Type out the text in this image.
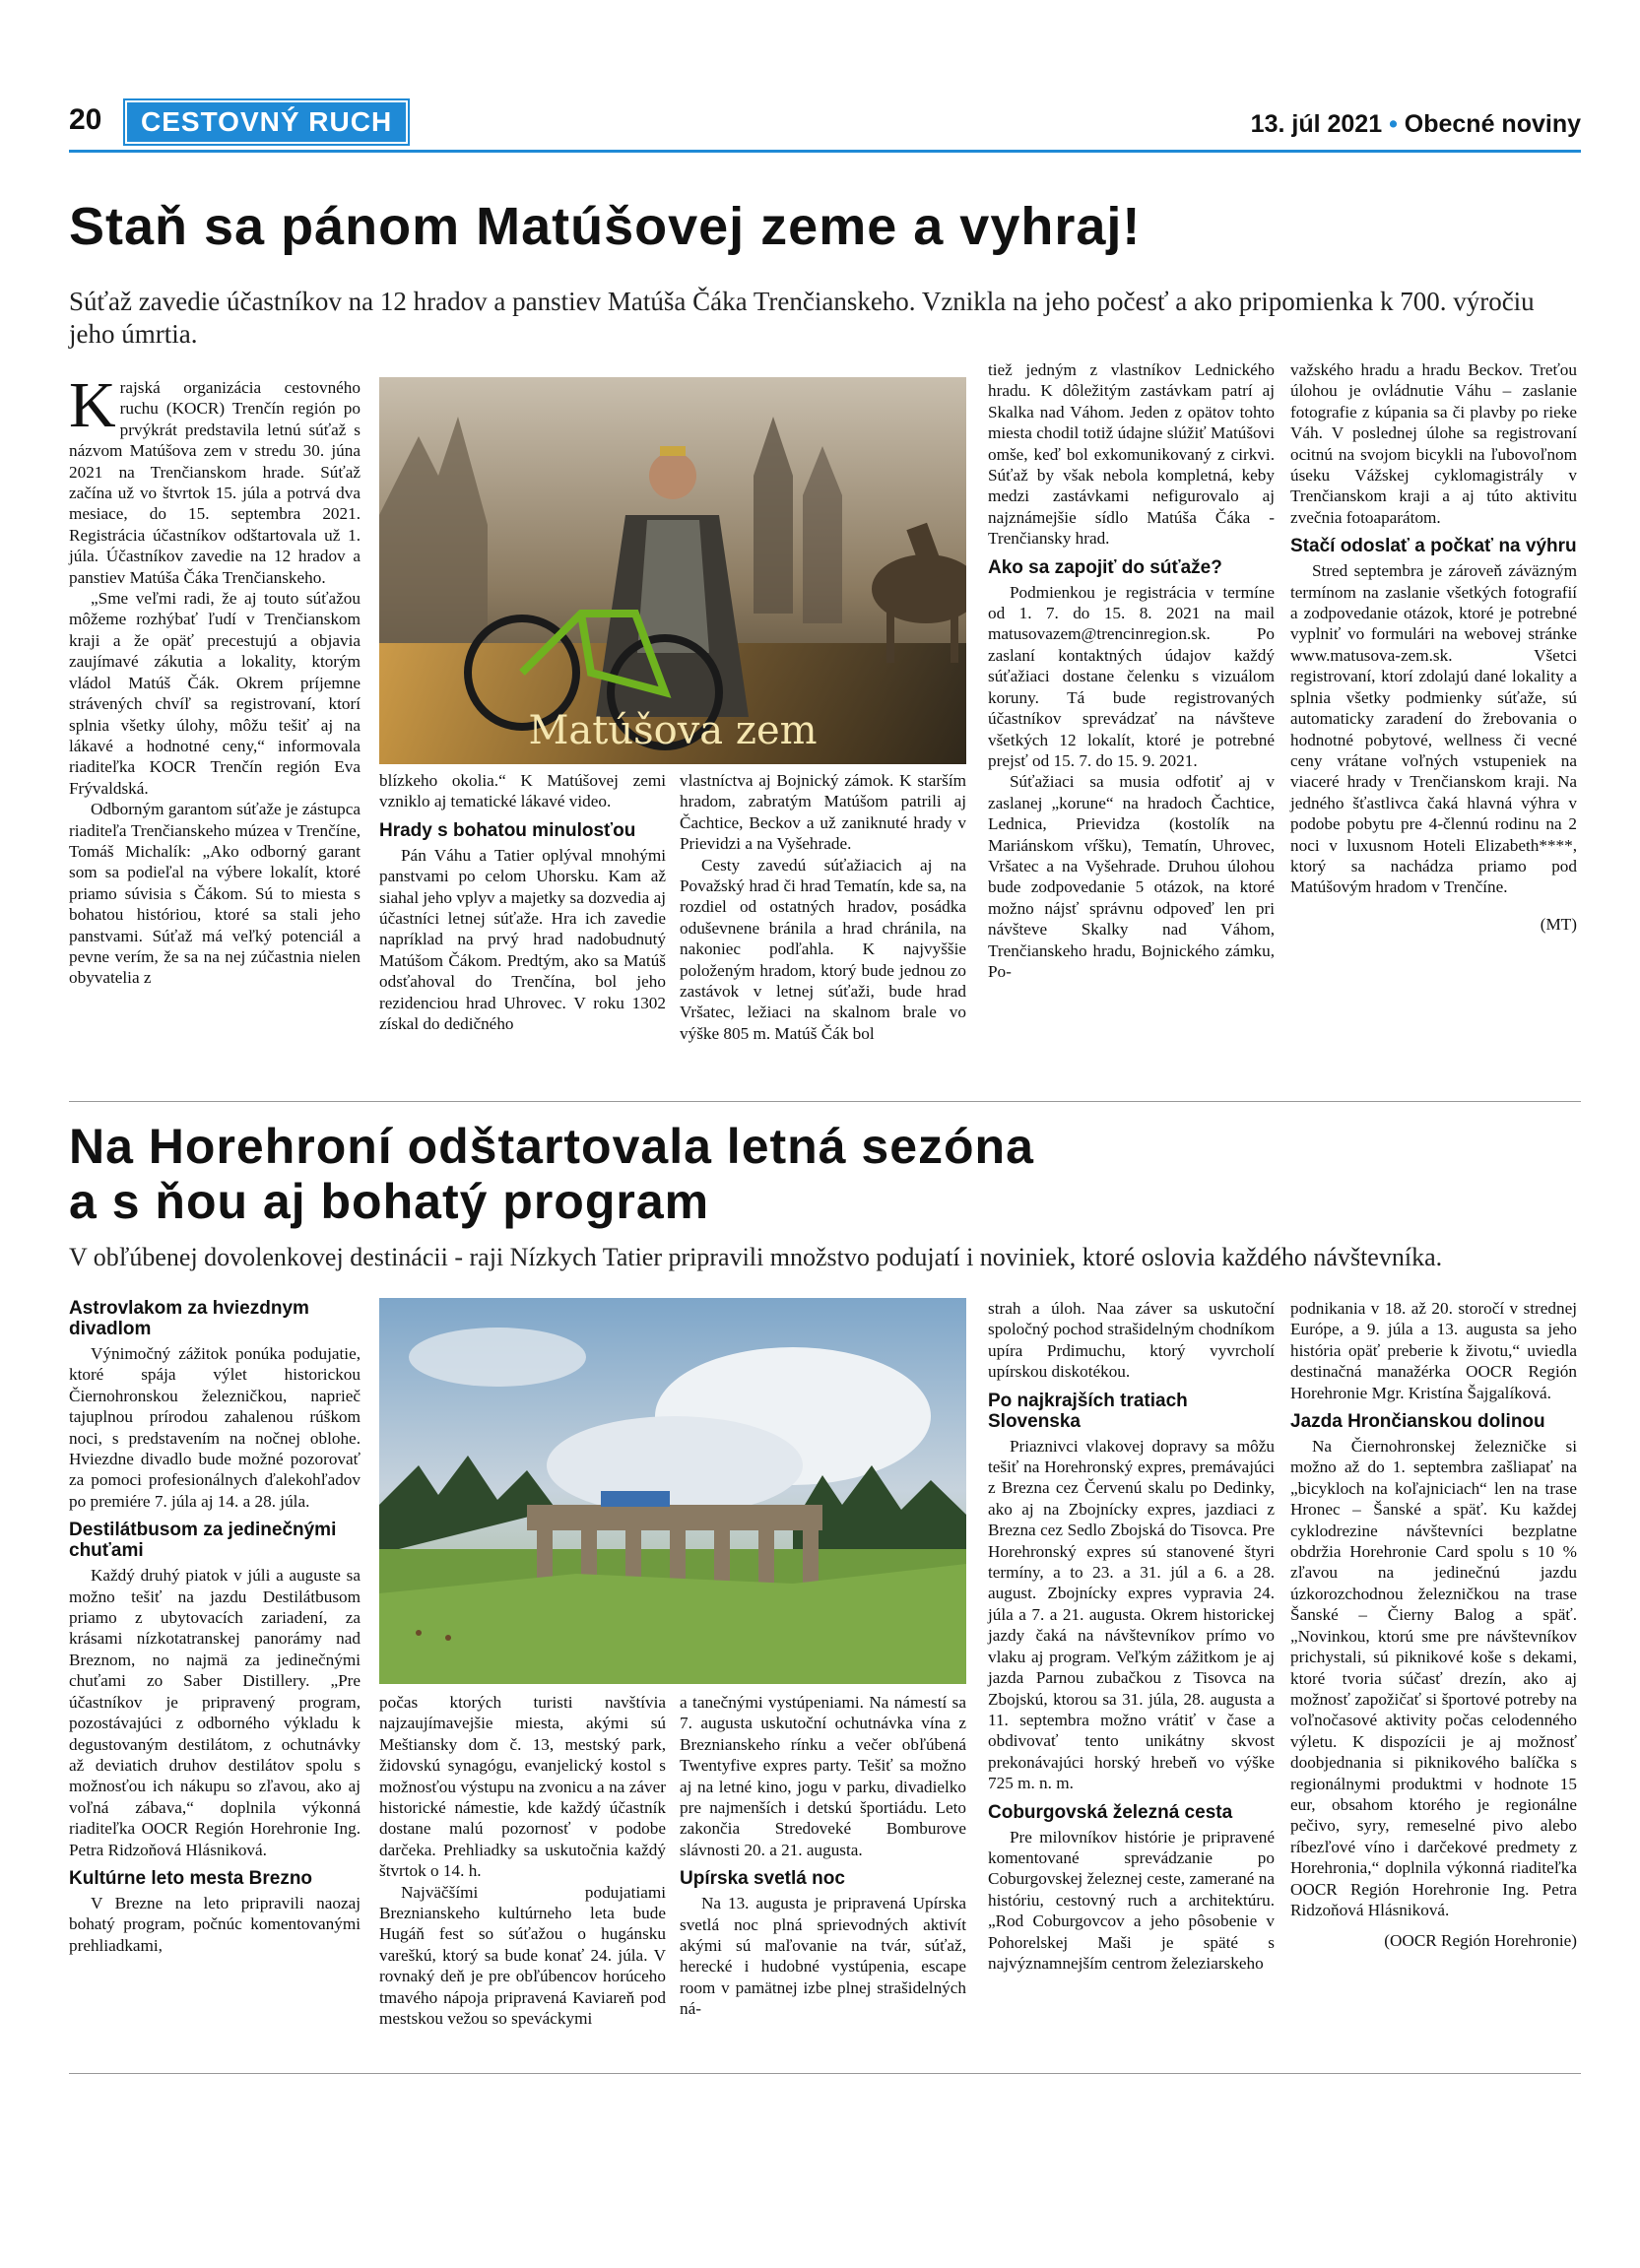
20	CESTOVNÝ RUCH	13. júl 2021 • Obecné noviny
Staň sa pánom Matúšovej zeme a vyhraj!
Súťaž zavedie účastníkov na 12 hradov a panstiev Matúša Čáka Trenčianskeho. Vznikla na jeho počesť a ako pripomienka k 700. výročiu jeho úmrtia.
Matúšova zem

Krajská organizácia cestovného ruchu (KOCR) Trenčín región po prvýkrát predstavila letnú súťaž s názvom Matúšova zem v stredu 30. júna 2021 na Trenčianskom hrade. Súťaž začína už vo štvrtok 15. júla a potrvá dva mesiace, do 15. septembra 2021. Registrácia účastníkov odštartovala už 1. júla. Účastníkov zavedie na 12 hradov a panstiev Matúša Čáka Trenčianskeho.

„Sme veľmi radi, že aj touto súťažou môžeme rozhýbať ľudí v Trenčianskom kraji a že opäť precestujú a objavia zaujímavé zákutia a lokality, ktorým vládol Matúš Čák. Okrem príjemne strávených chvíľ sa registrovaní, ktorí splnia všetky úlohy, môžu tešiť aj na lákavé a hodnotné ceny,“ informovala riaditeľka KOCR Trenčín región Eva Frývaldská.

Odborným garantom súťaže je zástupca riaditeľa Trenčianskeho múzea v Trenčíne, Tomáš Michalík: „Ako odborný garant som sa podieľal na výbere lokalít, ktoré priamo súvisia s Čákom. Sú to miesta s bohatou históriou, ktoré sa stali jeho panstvami. Súťaž má veľký potenciál a pevne verím, že sa na nej zúčastnia nielen obyvatelia z

blízkeho okolia.“ K Matúšovej zemi vzniklo aj tematické lákavé video.

Hrady s bohatou minulosťou

Pán Váhu a Tatier oplýval mnohými panstvami po celom Uhorsku. Kam až siahal jeho vplyv a majetky sa dozvedia aj účastníci letnej súťaže. Hra ich zavedie napríklad na prvý hrad nadobudnutý Matúšom Čákom. Predtým, ako sa Matúš odsťahoval do Trenčína, bol jeho rezidenciou hrad Uhrovec. V roku 1302 získal do dedičného

vlastníctva aj Bojnický zámok. K starším hradom, zabratým Matúšom patrili aj Čachtice, Beckov a už zaniknuté hrady v Prievidzi a na Vyšehrade.

Cesty zavedú súťažiacich aj na Považský hrad či hrad Tematín, kde sa, na rozdiel od ostatných hradov, posádka oduševnene bránila a hrad chránila, na nakoniec podľahla. K najvyššie položeným hradom, ktorý bude jednou zo zastávok v letnej súťaži, bude hrad Vršatec, ležiaci na skalnom brale vo výške 805 m. Matúš Čák bol

tiež jedným z vlastníkov Lednického hradu. K dôležitým zastávkam patrí aj Skalka nad Váhom. Jeden z opätov tohto miesta chodil totiž údajne slúžiť Matúšovi omše, keď bol exkomunikovaný z cirkvi. Súťaž by však nebola kompletná, keby medzi zastávkami nefigurovalo aj najznámejšie sídlo Matúša Čáka - Trenčiansky hrad.

Ako sa zapojiť do súťaže?

Podmienkou je registrácia v termíne od 1. 7. do 15. 8. 2021 na mail matusovazem@trencinregion.sk. Po zaslaní kontaktných údajov každý súťažiaci dostane čelenku s vizuálom koruny. Tá bude registrovaných účastníkov sprevádzať na návšteve všetkých 12 lokalít, ktoré je potrebné prejsť od 15. 7. do 15. 9. 2021.

Súťažiaci sa musia odfotiť aj v zaslanej „korune“ na hradoch Čachtice, Lednica, Prievidza (kostolík na Mariánskom vŕšku), Tematín, Uhrovec, Vršatec a na Vyšehrade. Druhou úlohou bude zodpovedanie 5 otázok, na ktoré možno nájsť správnu odpoveď len pri návšteve Skalky nad Váhom, Trenčianskeho hradu, Bojnického zámku, Po-

važského hradu a hradu Beckov. Treťou úlohou je ovládnutie Váhu – zaslanie fotografie z kúpania sa či plavby po rieke Váh. V poslednej úlohe sa registrovaní ocitnú na svojom bicykli na ľubovoľnom úseku Vážskej cyklomagistrály v Trenčianskom kraji a aj túto aktivitu zvečnia fotoaparátom.

Stačí odoslať a počkať na výhru

Stred septembra je zároveň záväzným termínom na zaslanie všetkých fotografií a zodpovedanie otázok, ktoré je potrebné vyplniť vo formulári na webovej stránke www.matusova-zem.sk. Všetci registrovaní, ktorí zdolajú dané lokality a splnia všetky podmienky súťaže, sú automaticky zaradení do žrebovania o hodnotné pobytové, wellness či vecné ceny vrátane voľných vstupeniek na viaceré hrady v Trenčianskom kraji. Na jedného šťastlivca čaká hlavná výhra v podobe pobytu pre 4-člennú rodinu na 2 noci v luxusnom Hoteli Elizabeth****, ktorý sa nachádza priamo pod Matúšovým hradom v Trenčíne.

(MT)

Na Horehroní odštartovala letná sezóna
a s ňou aj bohatý program
V obľúbenej dovolenkovej destinácii - raji Nízkych Tatier pripravili množstvo podujatí i noviniek, ktoré oslovia každého návštevníka.
Astrovlakom za hviezdnym divadlom

Výnimočný zážitok ponúka podujatie, ktoré spája výlet historickou Čiernohronskou železničkou, naprieč tajuplnou prírodou zahalenou rúškom noci, s predstavením na nočnej oblohe. Hviezdne divadlo bude možné pozorovať za pomoci profesionálnych ďalekohľadov po premiére 7. júla aj 14. a 28. júla.

Destilátbusom za jedinečnými chuťami

Každý druhý piatok v júli a auguste sa možno tešiť na jazdu Destilátbusom priamo z ubytovacích zariadení, za krásami nízkotatranskej panorámy nad Breznom, no najmä za jedinečnými chuťami zo Saber Distillery. „Pre účastníkov je pripravený program, pozostávajúci z odborného výkladu k degustovaným destilátom, z ochutnávky až deviatich druhov destilátov spolu s možnosťou ich nákupu so zľavou, ako aj voľná zábava,“ doplnila výkonná riaditeľka OOCR Región Horehronie Ing. Petra Ridzoňová Hlásniková.

Kultúrne leto mesta Brezno

V Brezne na leto pripravili naozaj bohatý program, počnúc komentovanými prehliadkami,

počas ktorých turisti navštívia najzaujímavejšie miesta, akými sú Meštiansky dom č. 13, mestský park, židovskú synagógu, evanjelický kostol s možnosťou výstupu na zvonicu a na záver historické námestie, kde každý účastník dostane malú pozornosť v podobe darčeka. Prehliadky sa uskutočnia každý štvrtok o 14. h.

Najväčšími podujatiami Breznianskeho kultúrneho leta bude Hugáň fest so súťažou o hugánsku vareškú, ktorý sa bude konať 24. júla. V rovnaký deň je pre obľúbencov horúceho tmavého nápoja pripravená Kaviareň pod mestskou vežou so speváckymi

a tanečnými vystúpeniami. Na námestí sa 7. augusta uskutoční ochutnávka vína z Breznianskeho rínku a večer obľúbená Twentyfive expres party. Tešiť sa možno aj na letné kino, jogu v parku, divadielko pre najmenších i detskú športiádu. Leto zakončia Stredoveké Bomburove slávnosti 20. a 21. augusta.

Upírska svetlá noc

Na 13. augusta je pripravená Upírska svetlá noc plná sprievodných aktivít akými sú maľovanie na tvár, súťaž, herecké i hudobné vystúpenia, escape room v pamätnej izbe plnej strašidelných ná-

strah a úloh. Naa záver sa uskutoční spoločný pochod strašidelným chodníkom upíra Prdimuchu, ktorý vyvrcholí upírskou diskotékou.

Po najkrajších tratiach Slovenska

Priaznivci vlakovej dopravy sa môžu tešiť na Horehronský expres, premávajúci z Brezna cez Červenú skalu po Dedinky, ako aj na Zbojnícky expres, jazdiaci z Brezna cez Sedlo Zbojská do Tisovca. Pre Horehronský expres sú stanovené štyri termíny, a to 23. a 31. júl a 6. a 28. august. Zbojnícky expres vypravia 24. júla a 7. a 21. augusta. Okrem historickej jazdy čaká na návštevníkov prímo vo vlaku aj program. Veľkým zážitkom je aj jazda Parnou zubačkou z Tisovca na Zbojskú, ktorou sa 31. júla, 28. augusta a 11. septembra možno vrátiť v čase a obdivovať tento unikátny skvost prekonávajúci horský hrebeň vo výške 725 m. n. m.

Coburgovská železná cesta

Pre milovníkov histórie je pripravené komentované sprevádzanie po Coburgovskej železnej ceste, zamerané na históriu, cestovný ruch a architektúru. „Rod Coburgovcov a jeho pôsobenie v Pohorelskej Maši je späté s najvýznamnejším centrom železiarskeho

podnikania v 18. až 20. storočí v strednej Európe, a 9. júla a 13. augusta sa jeho história opäť preberie k životu,“ uviedla destinačná manažérka OOCR Región Horehronie Mgr. Kristína Šajgalíková.

Jazda Hrončianskou dolinou

Na Čiernohronskej železničke si možno až do 1. septembra zašliapať na „bicykloch na koľajniciach“ len na trase Hronec – Šanské a späť. Ku každej cyklodrezine návštevníci bezplatne obdržia Horehronie Card spolu s 10 % zľavou na jedinečnú jazdu úzkorozchodnou železničkou na trase Šanské – Čierny Balog a späť. „Novinkou, ktorú sme pre návštevníkov prichystali, sú piknikové koše s dekami, ktoré tvoria súčasť drezín, ako aj možnosť zapožičať si športové potreby na voľnočasové aktivity počas celodenného výletu. K dispozícii je aj možnosť doobjednania si piknikového balíčka s regionálnymi produktmi v hodnote 15 eur, obsahom ktorého je regionálne pečivo, syry, remeselné pivo alebo ríbezľové víno i darčekové predmety z Horehronia,“ doplnila výkonná riaditeľka OOCR Región Horehronie Ing. Petra Ridzoňová Hlásniková.

(OOCR Región Horehronie)
